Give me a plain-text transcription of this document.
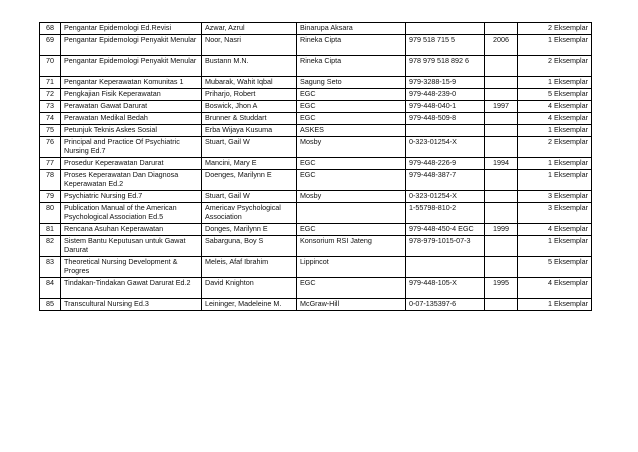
68	Pengantar Epidemologi Ed.Revisi	Azwar, Azrul	Binarupa Aksara			2 Eksemplar
69	Pengantar Epidemologi Penyakit Menular	Noor, Nasri	Rineka Cipta	979 518 715 5	2006	1 Eksemplar
70	Pengantar Epidemologi Penyakit Menular	Bustann M.N.	Rineka Cipta	978 979 518 892 6		2 Eksemplar
71	Pengantar Keperawatan Komunitas 1	Mubarak, Wahit Iqbal	Sagung Seto	979-3288-15-9		1 Eksemplar
72	Pengkajian Fisik Keperawatan	Priharjo, Robert	EGC	979-448-239-0		5 Eksemplar
73	Perawatan Gawat Darurat	Boswick, Jhon A	EGC	979-448-040-1	1997	4 Eksemplar
74	Perawatan Medikal Bedah	Brunner & Studdart	EGC	979-448-509-8		4 Eksemplar
75	Petunjuk Teknis Askes Sosial	Erba Wijaya Kusuma	ASKES			1 Eksemplar
76	Principal and Practice Of Psychiatric Nursing Ed.7	Stuart, Gail W	Mosby	0-323-01254-X		2 Eksemplar
77	Prosedur Keperawatan Darurat	Mancini, Mary E	EGC	979-448-226-9	1994	1 Eksemplar
78	Proses Keperawatan Dan Diagnosa Keperawatan Ed.2	Doenges, Marilynn E	EGC	979-448-387-7		1 Eksemplar
79	Psychiatric Nursing Ed.7	Stuart, Gail W	Mosby	0-323-01254-X		3 Eksemplar
80	Publication Manual of the American Psychological Association Ed.5	Americav Psychological Association		1-55798-810-2		3 Eksemplar
81	Rencana Asuhan Keperawatan	Donges, Marilynn E	EGC	979-448-450-4 EGC	1999	4 Eksemplar
82	Sistem Bantu Keputusan untuk Gawat Darurat	Sabarguna, Boy S	Konsorium RSI Jateng	978-979-1015-07-3		1 Eksemplar
83	Theoretical Nursing Development & Progres	Meleis, Afaf Ibrahim	Lippincot			5 Eksemplar
84	Tindakan-Tindakan Gawat Darurat Ed.2	David Knighton	EGC	979-448-105-X	1995	4 Eksemplar
85	Transcultural Nursing Ed.3	Leininger, Madeleine M.	McGraw-Hill	0-07-135397-6		1 Eksemplar
